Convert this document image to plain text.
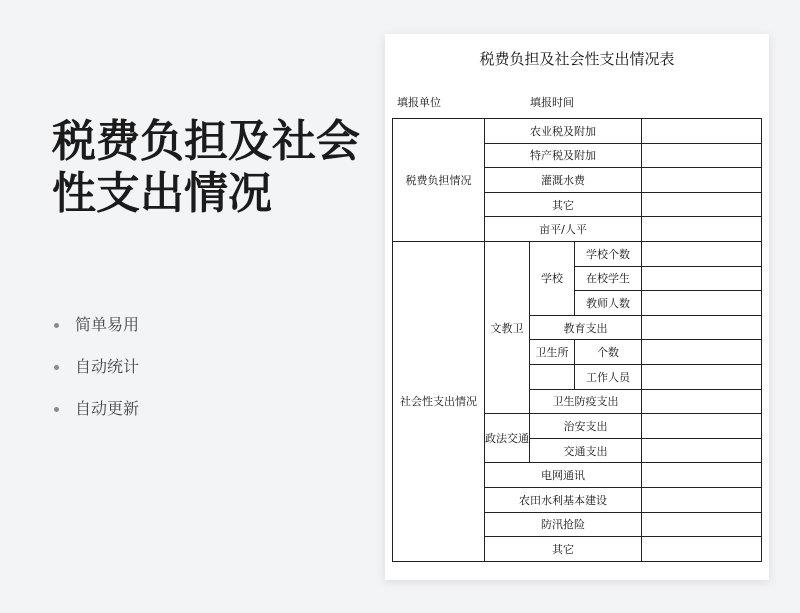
税费负担及社会性支出情况
简单易用
自动统计
自动更新
税费负担及社会性支出情况表
填报单位	填报时间
税费负担情况	农业税及附加			
	特产税及附加			
	灌溉水费			
	其它			
	亩平/人平			
社会性支出情况	文教卫	学校	学校个数	
			在校学生	
			教师人数	
		教育支出		
		卫生所	个数	
			工作人员	
		卫生防疫支出		
	政法交通	治安支出		
		交通支出		
	电网通讯			
	农田水利基本建设			
	防汛抢险			
	其它			
